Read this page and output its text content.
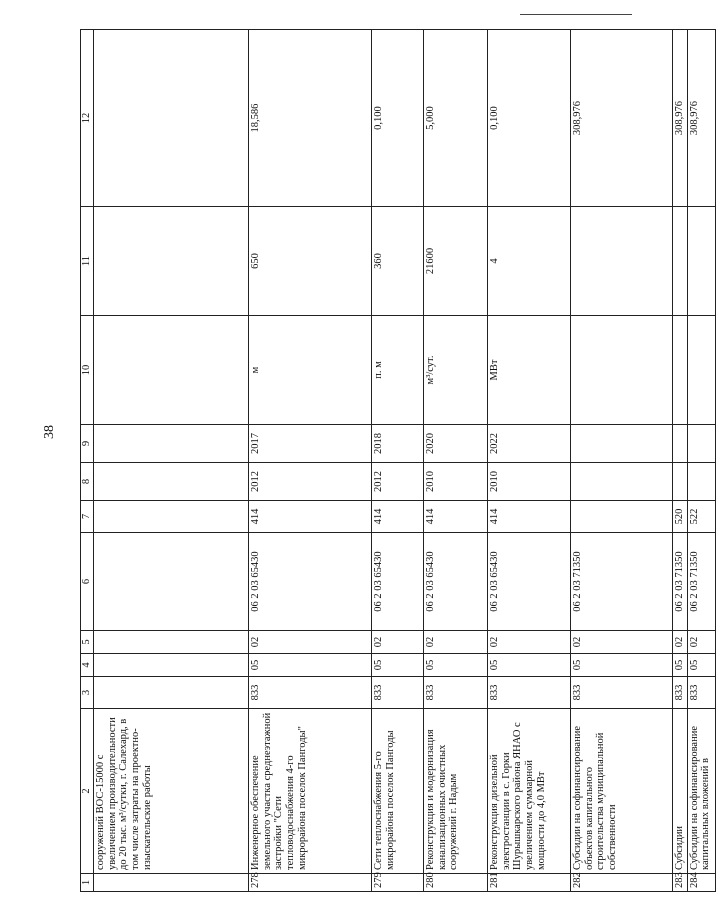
38
1	2	3	4	5	6	7	8	9	10	11	12
	сооружений ВОС-15000 с увеличением производительности до 20 тыс. м³/сутки, г. Салехард, в том числе затраты на проектно-изыскательские работы										
278	Инженерное обеспечение земельного участка среднеэтажной застройки "Сети тепловодоснабжения 4-го микрорайона поселок Пангоды"	833	05	02	06 2 03 65430	414	2012	2017	м	650	18,586
279	Сети теплоснабжения 5-го микрорайона поселок Пангоды	833	05	02	06 2 03 65430	414	2012	2018	п. м	360	0,100
280	Реконструкция и модернизация канализационных очистных сооружений г. Надым	833	05	02	06 2 03 65430	414	2010	2020	м³/сут.	21600	5,000
281	Реконструкция дизельной электростанции в с. Горки Шурышкарского района ЯНАО с увеличением суммарной мощности до 4,0 МВт	833	05	02	06 2 03 65430	414	2010	2022	МВт	4	0,100
282	Субсидии на софинансирование объектов капитального строительства муниципальной собственности	833	05	02	06 2 03 71350						308,976
283	Субсидии	833	05	02	06 2 03 71350	520					308,976
284	Субсидии на софинансирование капитальных вложений в	833	05	02	06 2 03 71350	522					308,976
